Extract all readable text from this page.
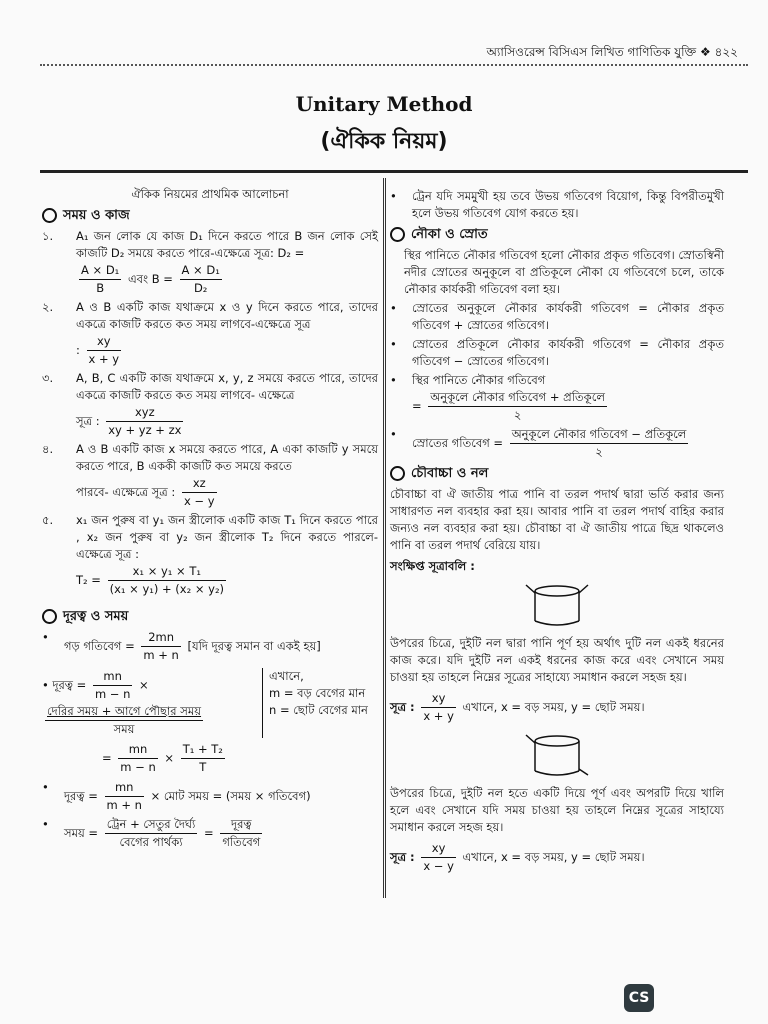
অ্যাসিওরেন্স বিসিএস লিখিত গাণিতিক যুক্তি ❖ ৪২২
Unitary Method
(ঐকিক নিয়ম)
ঐকিক নিয়মের প্রাথমিক আলোচনা
সময় ও কাজ
১.	A₁ জন লোক যে কাজ D₁ দিনে করতে পারে B জন লোক সেই কাজটি D₂ সময়ে করতে পারে-এক্ষেত্রে সূত্র: D₂ =

$\frac{\text{A × D₁}}{B}$ এবং $B = \frac{\text{A × D₁}}{\text{D₂}}$
২.	A ও B একটি কাজ যথাক্রমে x ও y দিনে করতে পারে, তাদের একত্রে কাজটি করতে কত সময় লাগবে-এক্ষেত্রে সূত্র
: $\frac{xy}{x + y}$
৩.	A, B, C একটি কাজ যথাক্রমে x, y, z সময়ে করতে পারে, তাদের একত্রে কাজটি করতে কত সময় লাগবে- এক্ষেত্রে
সূত্র : $\frac{\text{xyz}}{xy + yz + zx}$
৪.	A ও B একটি কাজ x সময়ে করতে পারে, A একা কাজটি y সময়ে করতে পারে, B এককী কাজটি কত সময়ে করতে
পারবে- এক্ষেত্রে সূত্র : $\frac{xz}{x - y}$
৫.	x₁ জন পুরুষ বা y₁ জন স্ত্রীলোক একটি কাজ T₁ দিনে করতে পারে , x₂ জন পুরুষ বা y₂ জন স্ত্রীলোক T₂ দিনে করতে পারলে- এক্ষেত্রে সূত্র :
$T_2 = \frac{\text{x₁ × y₁ × T₁}}{\text{(x₁ × y₁) + (x₂ × y₂)}}$
দূরত্ব ও সময়
•
গড় গতিবেগ = $\frac{2mn}{m + n}$ [যদি দূরত্ব সমান বা একই হয়]
• দূরত্ব = $\frac{mn}{m - n}$ ×

$\frac{\text{দেরির সময় + আগে পৌছার সময়}}{\text{সময়}}$
এখানে,
m = বড় বেগের মান
n = ছোট বেগের মান
= $\frac{mn}{m - n} \times \frac{\text{T₁ + T₂}}{T}$
•
দূরত্ব = $\frac{mn}{m + n}$ × মোট সময় = (সময় × গতিবেগ)
•
সময় = $\frac{\text{ট্রেন + সেতুর দৈর্ঘ্য}}{\text{বেগের পার্থক্য}} = \frac{\text{দূরত্ব}}{\text{গতিবেগ}}$
•	ট্রেন যদি সমমুখী হয় তবে উভয় গতিবেগ বিয়োগ, কিন্তু বিপরীতমুখী হলে উভয় গতিবেগ যোগ করতে হয়।
নৌকা ও স্রোত
স্থির পানিতে নৌকার গতিবেগ হলো নৌকার প্রকৃত গতিবেগ। স্রোতস্বিনী নদীর স্রোতের অনুকূলে বা প্রতিকূলে নৌকা যে গতিবেগে চলে, তাকে নৌকার কার্যকরী গতিবেগ বলা হয়।
•	স্রোতের অনুকূলে নৌকার কার্যকরী গতিবেগ = নৌকার প্রকৃত গতিবেগ + স্রোতের গতিবেগ।
•	স্রোতের প্রতিকূলে নৌকার কার্যকরী গতিবেগ = নৌকার প্রকৃত গতিবেগ − স্রোতের গতিবেগ।
•	স্থির পানিতে নৌকার গতিবেগ
= $\frac{\text{অনুকূলে নৌকার গতিবেগ + প্রতিকূলে}}{২}$
•
স্রোতের গতিবেগ = $\frac{\text{অনুকূলে নৌকার গতিবেগ − প্রতিকূলে}}{২}$
চৌবাচ্চা ও নল
চৌবাচ্চা বা ঐ জাতীয় পাত্র পানি বা তরল পদার্থ দ্বারা ভর্তি করার জন্য সাধারণত নল ব্যবহার করা হয়। আবার পানি বা তরল পদার্থ বাহির করার জন্যও নল ব্যবহার করা হয়। চৌবাচ্চা বা ঐ জাতীয় পাত্রে ছিদ্র থাকলেও পানি বা তরল পদার্থ বেরিয়ে যায়।
সংক্ষিপ্ত সূত্রাবলি :
উপরের চিত্রে, দুইটি নল দ্বারা পানি পূর্ণ হয় অর্থাৎ দুটি নল একই ধরনের কাজ করে। যদি দুইটি নল একই ধরনের কাজ করে এবং সেখানে সময় চাওয়া হয় তাহলে নিম্নের সূত্রের সাহায্যে সমাধান করলে সহজ হয়।
সূত্র : $\frac{xy}{x + y}$ এখানে, x = বড় সময়, y = ছোট সময়।
উপরের চিত্রে, দুইটি নল হতে একটি দিয়ে পূর্ণ এবং অপরটি দিয়ে খালি হলে এবং সেখানে যদি সময় চাওয়া হয় তাহলে নিম্নের সূত্রের সাহায্যে সমাধান করলে সহজ হয়।
সূত্র : $\frac{xy}{x - y}$ এখানে, x = বড় সময়, y = ছোট সময়।
CS
